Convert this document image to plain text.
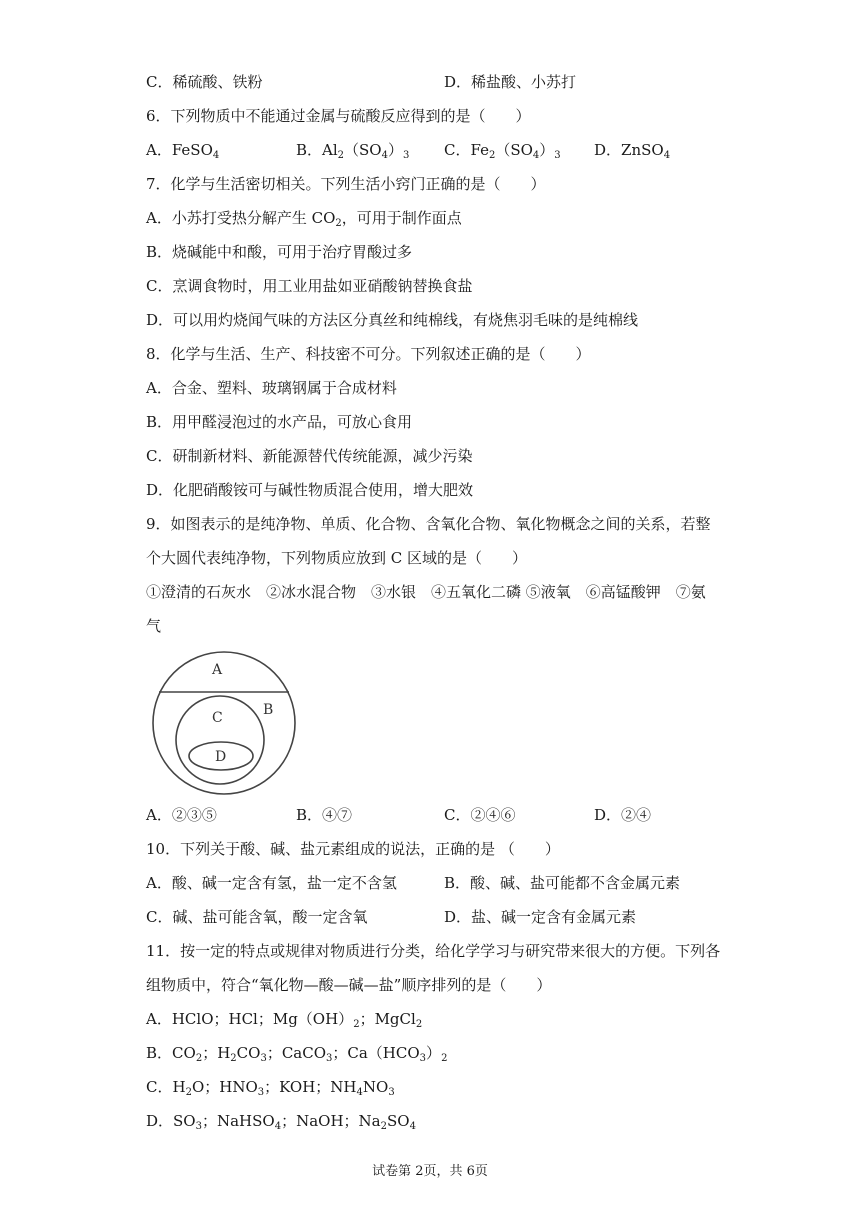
C．稀硫酸、铁粉	D．稀盐酸、小苏打
6．下列物质中不能通过金属与硫酸反应得到的是（　　）
A．FeSO$_4$	B．$Al_2(SO_4)_3$ C．$Fe_2(SO_4)_3$ D．ZnSO$_4$
7．化学与生活密切相关。下列生活小窍门正确的是（　　）
A．小苏打受热分解产生 $CO_2$，可用于制作面点
B．烧碱能中和酸，可用于治疗胃酸过多
C．烹调食物时，用工业用盐如亚硝酸钠替换食盐
D．可以用灼烧闻气味的方法区分真丝和纯棉线，有烧焦羽毛味的是纯棉线
8．化学与生活、生产、科技密不可分。下列叙述正确的是（　　）
A．合金、塑料、玻璃钢属于合成材料
B．用甲醛浸泡过的水产品，可放心食用
C．研制新材料、新能源替代传统能源，减少污染
D．化肥硝酸铵可与碱性物质混合使用，增大肥效
9．如图表示的是纯净物、单质、化合物、含氧化合物、氧化物概念之间的关系，若整
个大圆代表纯净物，下列物质应放到 C 区域的是（　　）
①澄清的石灰水　②冰水混合物　③水银　④五氧化二磷 ⑤液氧　⑥高锰酸钾　⑦氨
气
A
B
C
D
A．②③⑤	B．④⑦	C．②④⑥	D．②④
10．下列关于酸、碱、盐元素组成的说法，正确的是 （　　）
A．酸、碱一定含有氢，盐一定不含氢	B．酸、碱、盐可能都不含金属元素
C．碱、盐可能含氧，酸一定含氧	D．盐、碱一定含有金属元素
11．按一定的特点或规律对物质进行分类，给化学学习与研究带来很大的方便。下列各
组物质中，符合“氧化物—酸—碱—盐”顺序排列的是（　　）
A．HClO；HCl；$Mg(OH)_2$；MgCl$_2$
B．$CO_2$；$H_2CO_3$；CaCO$_3$；$Ca(HCO_3)_2$
C．$H_2O$；$HNO_3$；KOH；$NH_4NO_3$
D．$SO_3$；NaHSO$_4$；NaOH；$Na_2SO_4$
试卷第 2页，共 6页
